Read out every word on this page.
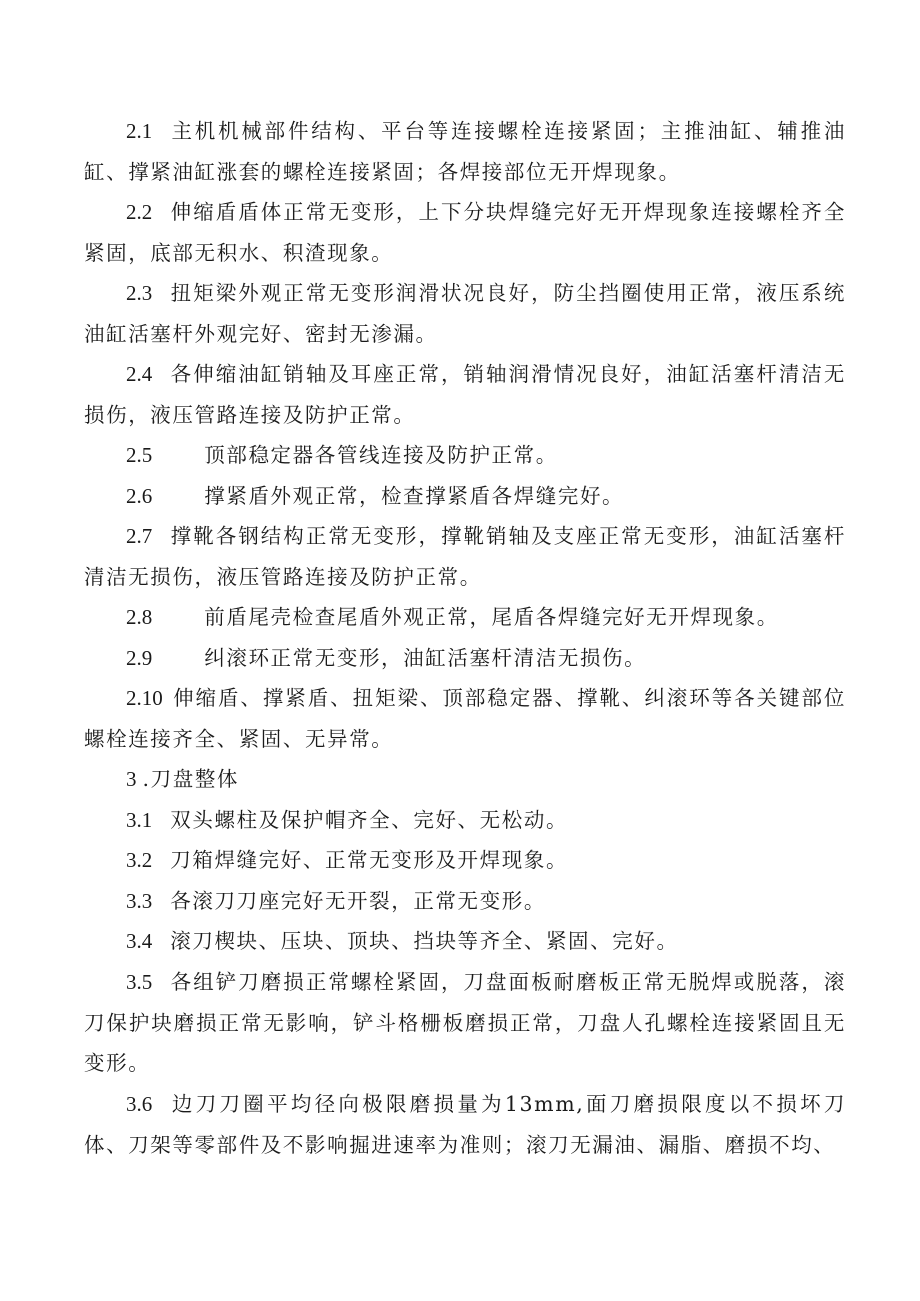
2.1 主机机械部件结构、平台等连接螺栓连接紧固；主推油缸、辅推油缸、撑紧油缸涨套的螺栓连接紧固；各焊接部位无开焊现象。

2.2 伸缩盾盾体正常无变形，上下分块焊缝完好无开焊现象连接螺栓齐全紧固，底部无积水、积渣现象。

2.3 扭矩梁外观正常无变形润滑状况良好，防尘挡圈使用正常，液压系统油缸活塞杆外观完好、密封无渗漏。

2.4 各伸缩油缸销轴及耳座正常，销轴润滑情况良好，油缸活塞杆清洁无损伤，液压管路连接及防护正常。

2.5	顶部稳定器各管线连接及防护正常。

2.6	撑紧盾外观正常，检查撑紧盾各焊缝完好。

2.7 撑靴各钢结构正常无变形，撑靴销轴及支座正常无变形，油缸活塞杆清洁无损伤，液压管路连接及防护正常。

2.8	前盾尾壳检查尾盾外观正常，尾盾各焊缝完好无开焊现象。

2.9	纠滚环正常无变形，油缸活塞杆清洁无损伤。

2.10 伸缩盾、撑紧盾、扭矩梁、顶部稳定器、撑靴、纠滚环等各关键部位螺栓连接齐全、紧固、无异常。

3 .刀盘整体

3.1 双头螺柱及保护帽齐全、完好、无松动。

3.2 刀箱焊缝完好、正常无变形及开焊现象。

3.3 各滚刀刀座完好无开裂，正常无变形。

3.4 滚刀楔块、压块、顶块、挡块等齐全、紧固、完好。

3.5 各组铲刀磨损正常螺栓紧固，刀盘面板耐磨板正常无脱焊或脱落，滚刀保护块磨损正常无影响，铲斗格栅板磨损正常，刀盘人孔螺栓连接紧固且无变形。

3.6 边刀刀圈平均径向极限磨损量为13mm,面刀磨损限度以不损坏刀体、刀架等零部件及不影响掘进速率为准则；滚刀无漏油、漏脂、磨损不均、
